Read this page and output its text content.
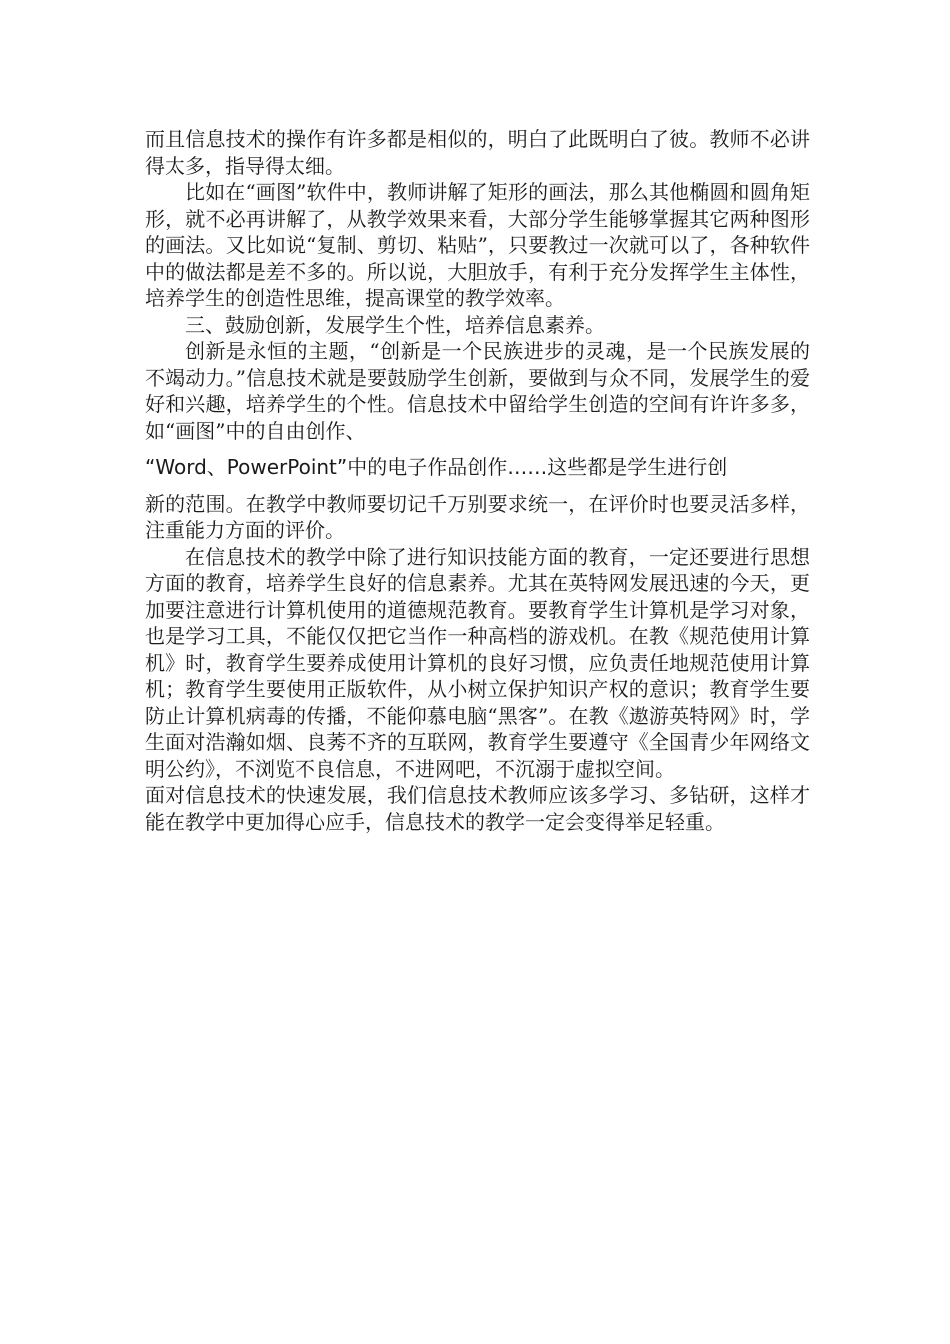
而且信息技术的操作有许多都是相似的，明白了此既明白了彼。教师不必讲得太多，指导得太细。

比如在“画图”软件中，教师讲解了矩形的画法，那么其他椭圆和圆角矩形，就不必再讲解了，从教学效果来看，大部分学生能够掌握其它两种图形的画法。又比如说“复制、剪切、粘贴”，只要教过一次就可以了，各种软件中的做法都是差不多的。所以说，大胆放手，有利于充分发挥学生主体性，培养学生的创造性思维，提高课堂的教学效率。

三、鼓励创新，发展学生个性，培养信息素养。

创新是永恒的主题，“创新是一个民族进步的灵魂，是一个民族发展的不竭动力。”信息技术就是要鼓励学生创新，要做到与众不同，发展学生的爱好和兴趣，培养学生的个性。信息技术中留给学生创造的空间有许许多多，如“画图”中的自由创作、

“Word、PowerPoint”中的电子作品创作……这些都是学生进行创

新的范围。在教学中教师要切记千万别要求统一，在评价时也要灵活多样，注重能力方面的评价。

在信息技术的教学中除了进行知识技能方面的教育，一定还要进行思想方面的教育，培养学生良好的信息素养。尤其在英特网发展迅速的今天，更加要注意进行计算机使用的道德规范教育。要教育学生计算机是学习对象，也是学习工具，不能仅仅把它当作一种高档的游戏机。在教《规范使用计算机》时，教育学生要养成使用计算机的良好习惯，应负责任地规范使用计算机；教育学生要使用正版软件，从小树立保护知识产权的意识；教育学生要防止计算机病毒的传播，不能仰慕电脑“黑客”。在教《遨游英特网》时，学生面对浩瀚如烟、良莠不齐的互联网，教育学生要遵守《全国青少年网络文明公约》，不浏览不良信息，不进网吧，不沉溺于虚拟空间。

面对信息技术的快速发展，我们信息技术教师应该多学习、多钻研，这样才能在教学中更加得心应手，信息技术的教学一定会变得举足轻重。
